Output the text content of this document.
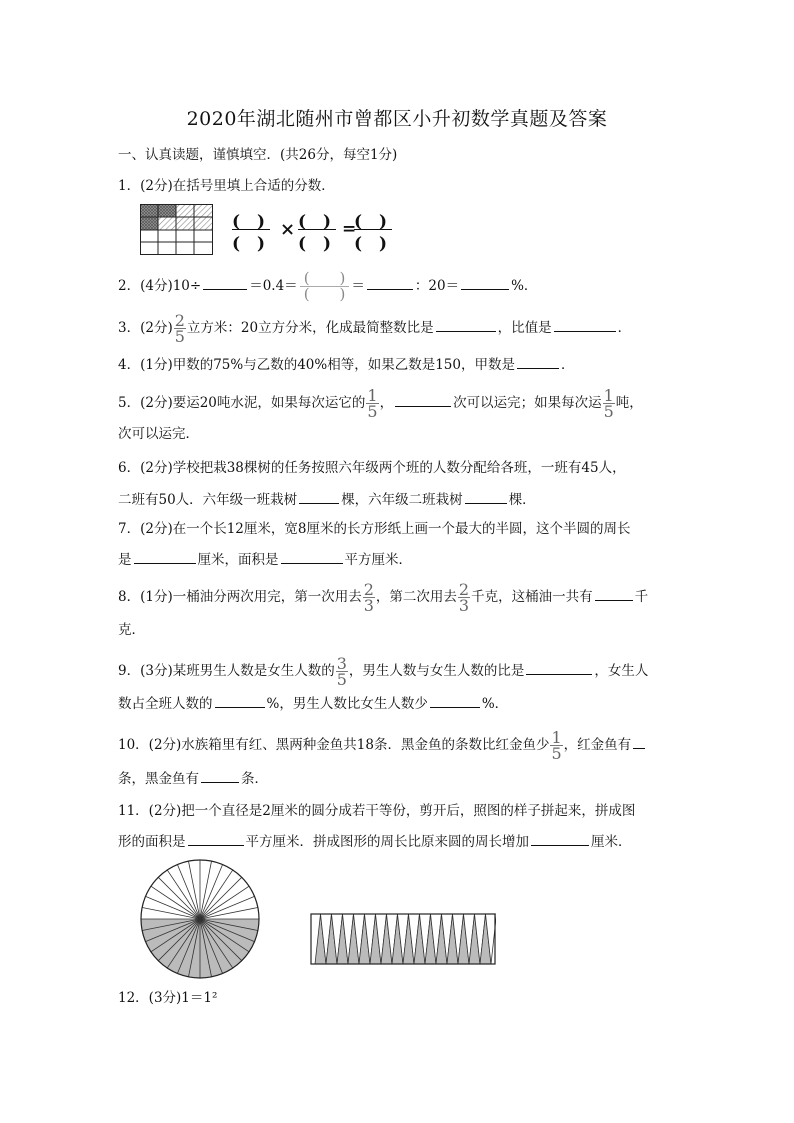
2020年湖北随州市曾都区小升初数学真题及答案
一、认真读题，谨慎填空．(共26分，每空1分)
1．(2分)在括号里填上合适的分数．
(　)
(　)
× (　)
(　)
=
(　)
(　)
2．(4分)10÷	$=0.4= \frac{( )}{( )}$ ＝	：20＝	%．
3．(2分) $\frac{2}{5}$ 立方米：20立方分米，化成最简整数比是	，比值是	．
4．(1分)甲数的75%与乙数的40%相等，如果乙数是150，甲数是	．
5．(2分)要运20吨水泥，如果每次运它的 $\frac{1}{5}$ ，	次可以运完；如果每次运 $\frac{1}{5}$ 吨，
次可以运完．
6．(2分)学校把栽38棵树的任务按照六年级两个班的人数分配给各班，一班有45人，
二班有50人．六年级一班栽树	棵，六年级二班栽树	棵．
7．(2分)在一个长12厘米，宽8厘米的长方形纸上画一个最大的半圆，这个半圆的周长
是	厘米，面积是	平方厘米．
8．(1分)一桶油分两次用完，第一次用去 $\frac{2}{3}$ ，第二次用去 $\frac{2}{3}$ 千克，这桶油一共有	千
克．
9．(3分)某班男生人数是女生人数的 $\frac{3}{5}$ ，男生人数与女生人数的比是	，女生人
数占全班人数的	%，男生人数比女生人数少	%．
10．(2分)水族箱里有红、黑两种金鱼共18条．黑金鱼的条数比红金鱼少 $\frac{1}{5}$ ，红金鱼有
条，黑金鱼有	条．
11．(2分)把一个直径是2厘米的圆分成若干等份，剪开后，照图的样子拼起来，拼成图
形的面积是	平方厘米．拼成图形的周长比原来圆的周长增加	厘米．
12．(3分)1＝1²
